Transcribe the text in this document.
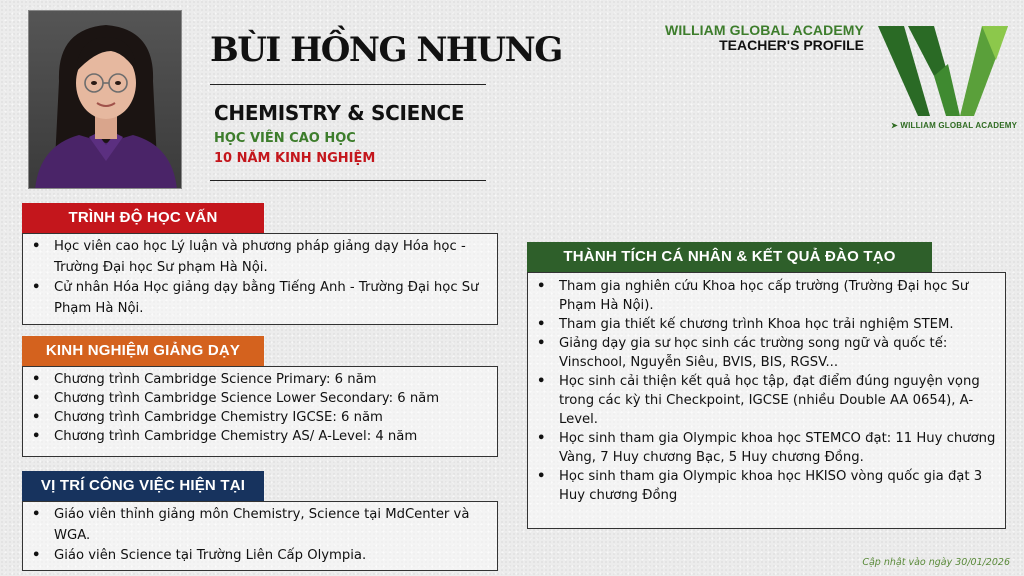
BÙI HỒNG NHUNG
CHEMISTRY & SCIENCE
HỌC VIÊN CAO HỌC
10 NĂM KINH NGHIỆM
WILLIAM GLOBAL ACADEMY
TEACHER'S PROFILE
➤ WILLIAM GLOBAL ACADEMY
TRÌNH ĐỘ HỌC VẤN
• Học viên cao học Lý luận và phương pháp giảng dạy Hóa học - Trường Đại học Sư phạm Hà Nội.
• Cử nhân Hóa Học giảng dạy bằng Tiếng Anh - Trường Đại học Sư Phạm Hà Nội.
KINH NGHIỆM GIẢNG DẠY
• Chương trình Cambridge Science Primary: 6 năm
• Chương trình Cambridge Science Lower Secondary: 6 năm
• Chương trình Cambridge Chemistry IGCSE: 6 năm
• Chương trình Cambridge Chemistry AS/ A-Level: 4 năm
VỊ TRÍ CÔNG VIỆC HIỆN TẠI
• Giáo viên thỉnh giảng môn Chemistry, Science tại MdCenter và WGA.
• Giáo viên Science tại Trường Liên Cấp Olympia.
THÀNH TÍCH CÁ NHÂN & KẾT QUẢ ĐÀO TẠO
• Tham gia nghiên cứu Khoa học cấp trường (Trường Đại học Sư Phạm Hà Nội).
• Tham gia thiết kế chương trình Khoa học trải nghiệm STEM.
• Giảng dạy gia sư học sinh các trường song ngữ và quốc tế: Vinschool, Nguyễn Siêu, BVIS, BIS, RGSV...
• Học sinh cải thiện kết quả học tập, đạt điểm đúng nguyện vọng trong các kỳ thi Checkpoint, IGCSE (nhiều Double AA 0654), A-Level.
• Học sinh tham gia Olympic khoa học STEMCO đạt: 11 Huy chương Vàng, 7 Huy chương Bạc, 5 Huy chương Đồng.
• Học sinh tham gia Olympic khoa học HKISO vòng quốc gia đạt 3 Huy chương Đồng
Cập nhật vào ngày 30/01/2026
